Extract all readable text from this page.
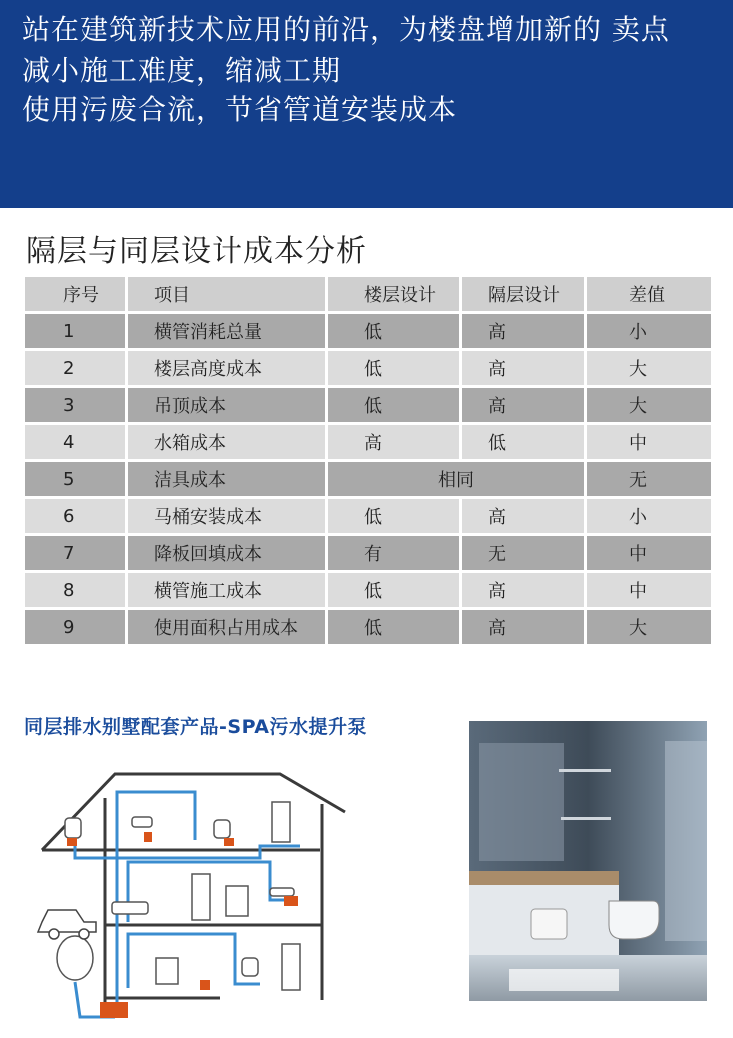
站在建筑新技术应用的前沿，为楼盘增加新的 卖点
减小施工难度，缩减工期
使用污废合流，节省管道安装成本
隔层与同层设计成本分析
序号	项目	楼层设计	隔层设计	差值
1	横管消耗总量	低	高	小
2	楼层高度成本	低	高	大
3	吊顶成本	低	高	大
4	水箱成本	高	低	中
5	洁具成本	相同		无
6	马桶安装成本	低	高	小
7	降板回填成本	有	无	中
8	横管施工成本	低	高	中
9	使用面积占用成本	低	高	大
同层排水别墅配套产品-SPA污水提升泵
